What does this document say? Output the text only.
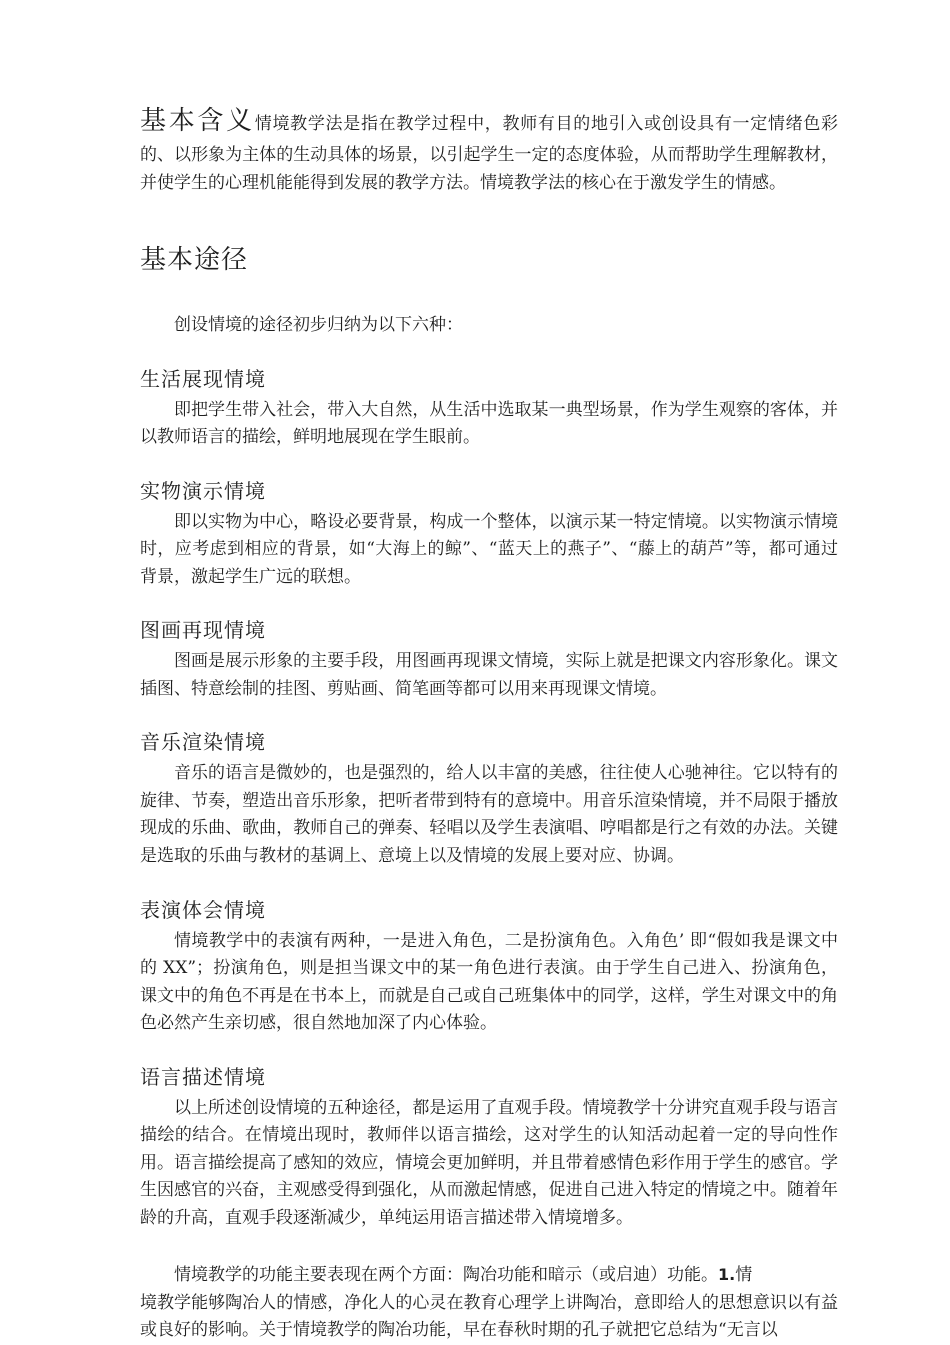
基本含义情境教学法是指在教学过程中，教师有目的地引入或创设具有一定情绪色彩的、以形象为主体的生动具体的场景，以引起学生一定的态度体验，从而帮助学生理解教材，并使学生的心理机能能得到发展的教学方法。情境教学法的核心在于激发学生的情感。

基本途径

创设情境的途径初步归纳为以下六种：

生活展现情境

即把学生带入社会，带入大自然，从生活中选取某一典型场景，作为学生观察的客体，并以教师语言的描绘，鲜明地展现在学生眼前。

实物演示情境

即以实物为中心，略设必要背景，构成一个整体，以演示某一特定情境。以实物演示情境时，应考虑到相应的背景，如“大海上的鲸”、“蓝天上的燕子”、“藤上的葫芦”等，都可通过背景，激起学生广远的联想。

图画再现情境

图画是展示形象的主要手段，用图画再现课文情境，实际上就是把课文内容形象化。课文插图、特意绘制的挂图、剪贴画、简笔画等都可以用来再现课文情境。

音乐渲染情境

音乐的语言是微妙的，也是强烈的，给人以丰富的美感，往往使人心驰神往。它以特有的旋律、节奏，塑造出音乐形象，把听者带到特有的意境中。用音乐渲染情境，并不局限于播放现成的乐曲、歌曲，教师自己的弹奏、轻唱以及学生表演唱、哼唱都是行之有效的办法。关键是选取的乐曲与教材的基调上、意境上以及情境的发展上要对应、协调。

表演体会情境

情境教学中的表演有两种，一是进入角色，二是扮演角色。入角色’ 即“假如我是课文中的 XX”；扮演角色，则是担当课文中的某一角色进行表演。由于学生自己进入、扮演角色，课文中的角色不再是在书本上，而就是自己或自己班集体中的同学，这样，学生对课文中的角色必然产生亲切感，很自然地加深了内心体验。

语言描述情境

以上所述创设情境的五种途径，都是运用了直观手段。情境教学十分讲究直观手段与语言描绘的结合。在情境出现时，教师伴以语言描绘，这对学生的认知活动起着一定的导向性作用。语言描绘提高了感知的效应，情境会更加鲜明，并且带着感情色彩作用于学生的感官。学生因感官的兴奋，主观感受得到强化，从而激起情感，促进自己进入特定的情境之中。随着年龄的升高，直观手段逐渐减少，单纯运用语言描述带入情境增多。

情境教学的功能主要表现在两个方面：陶冶功能和暗示（或启迪）功能。1.情
境教学能够陶冶人的情感，净化人的心灵在教育心理学上讲陶冶，意即给人的思想意识以有益或良好的影响。关于情境教学的陶冶功能，早在春秋时期的孔子就把它总结为“无言以
